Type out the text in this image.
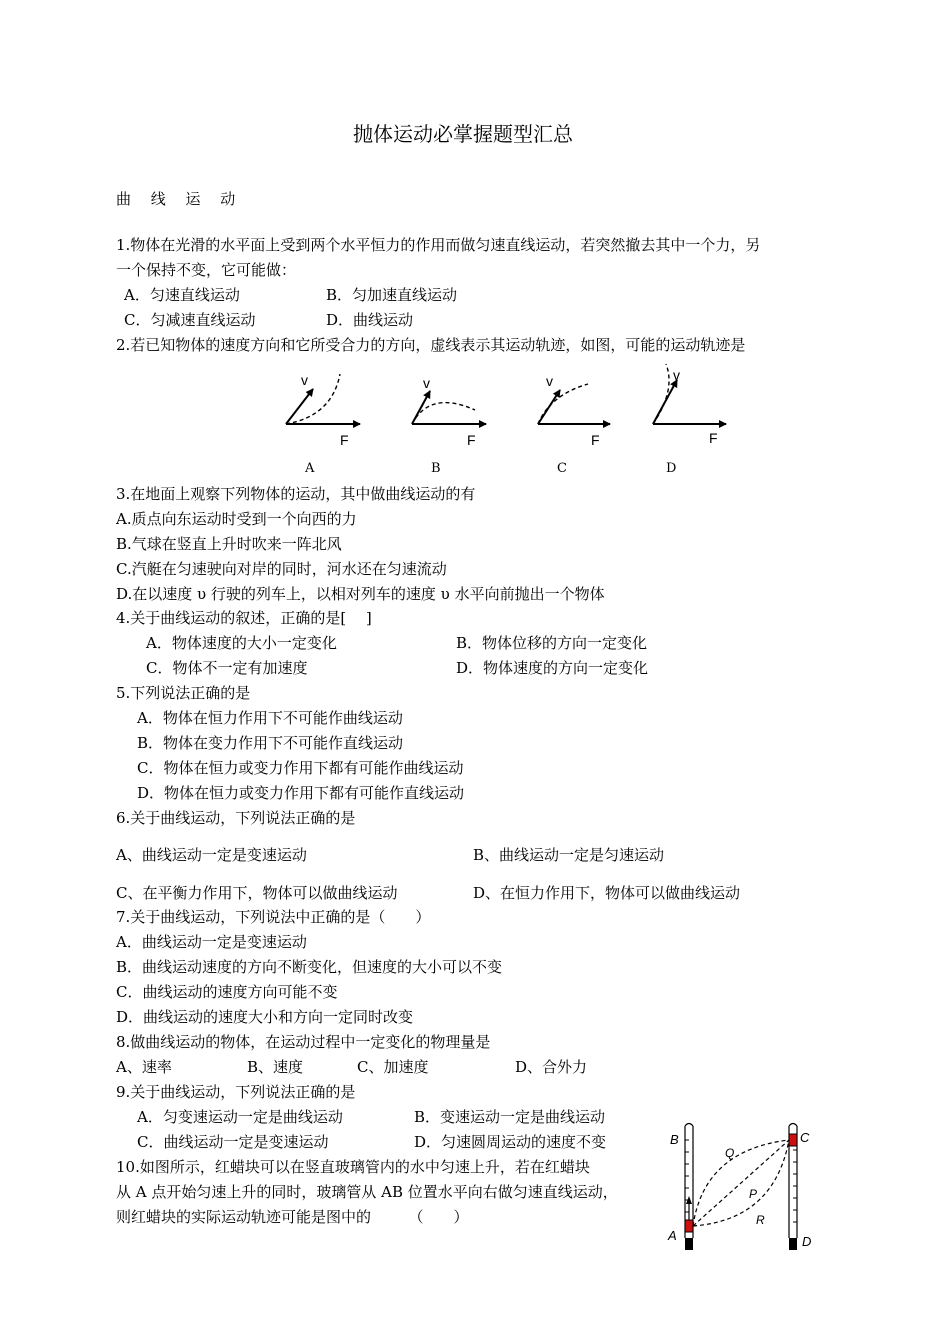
抛体运动必掌握题型汇总
曲　 线 　运　 动
1.物体在光滑的水平面上受到两个水平恒力的作用而做匀速直线运动，若突然撤去其中一个力，另
一个保持不变，它可能做：
A．匀速直线运动	B．匀加速直线运动
C．匀减速直线运动	D．曲线运动
2.若已知物体的速度方向和它所受合力的方向，虚线表示其运动轨迹，如图，可能的运动轨迹是
v
F
v
F
v
F
v
F
A	B	C	D
3.在地面上观察下列物体的运动，其中做曲线运动的有
A.质点向东运动时受到一个向西的力
B.气球在竖直上升时吹来一阵北风
C.汽艇在匀速驶向对岸的同时，河水还在匀速流动
D.在以速度 υ 行驶的列车上，以相对列车的速度 υ 水平向前抛出一个物体
4.关于曲线运动的叙述，正确的是[　 ]
A．物体速度的大小一定变化	B．物体位移的方向一定变化
C．物体不一定有加速度	D．物体速度的方向一定变化
5.下列说法正确的是
A．物体在恒力作用下不可能作曲线运动
B．物体在变力作用下不可能作直线运动
C．物体在恒力或变力作用下都有可能作曲线运动
D．物体在恒力或变力作用下都有可能作直线运动
6.关于曲线运动，下列说法正确的是
A、曲线运动一定是变速运动	B、曲线运动一定是匀速运动
C、在平衡力作用下，物体可以做曲线运动	D、在恒力作用下，物体可以做曲线运动
7.关于曲线运动，下列说法中正确的是（　　）
A．曲线运动一定是变速运动
B．曲线运动速度的方向不断变化，但速度的大小可以不变
C．曲线运动的速度方向可能不变
D．曲线运动的速度大小和方向一定同时改变
8.做曲线运动的物体，在运动过程中一定变化的物理量是
A、速率	B、速度	C、加速度	D、合外力
9.关于曲线运动，下列说法正确的是
A．匀变速运动一定是曲线运动	B．变速运动一定是曲线运动
C．曲线运动一定是变速运动	D．匀速圆周运动的速度不变
10.如图所示，红蜡块可以在竖直玻璃管内的水中匀速上升，若在红蜡块
从 A 点开始匀速上升的同时，玻璃管从 AB 位置水平向右做匀速直线运动，
则红蜡块的实际运动轨迹可能是图中的　　　（　　）
B
A
C
D
Q
P
R
